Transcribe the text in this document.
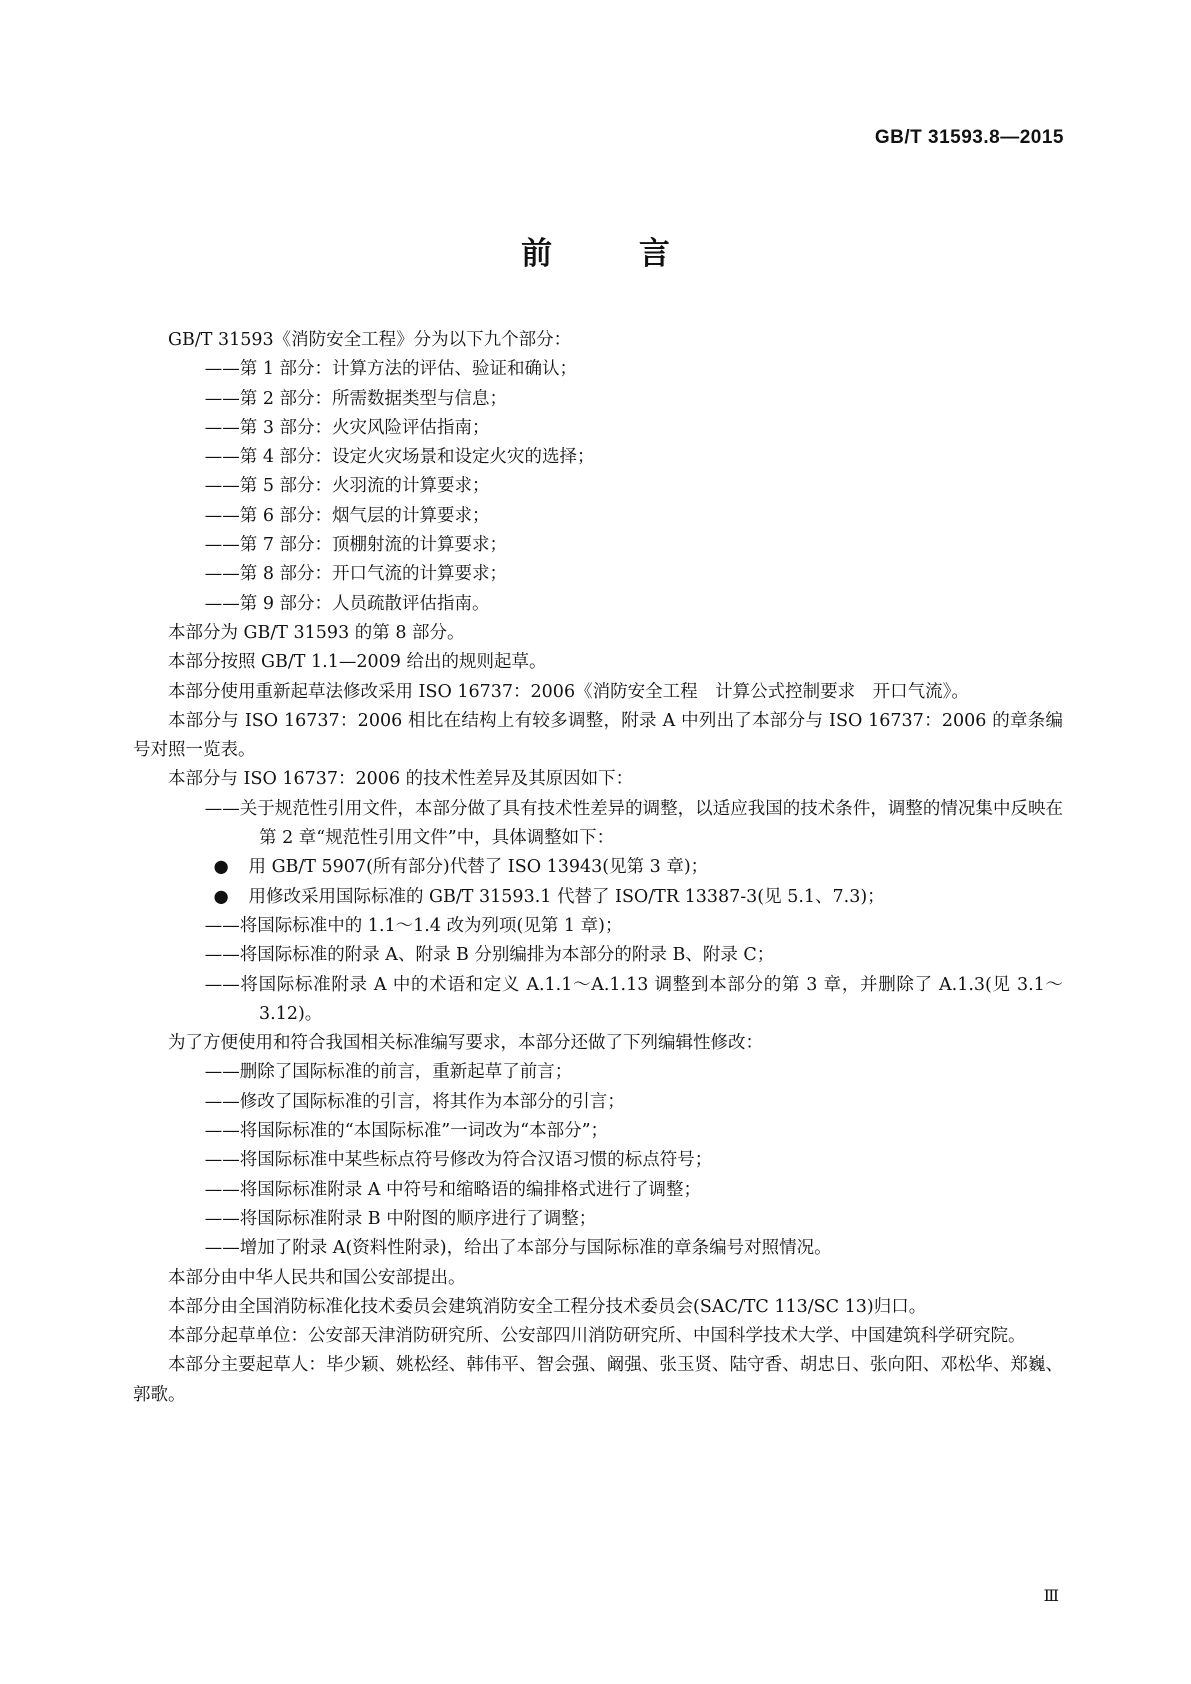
GB/T 31593.8—2015
前 言

GB/T 31593《消防安全工程》分为以下九个部分：

——第 1 部分：计算方法的评估、验证和确认；

——第 2 部分：所需数据类型与信息；

——第 3 部分：火灾风险评估指南；

——第 4 部分：设定火灾场景和设定火灾的选择；

——第 5 部分：火羽流的计算要求；

——第 6 部分：烟气层的计算要求；

——第 7 部分：顶棚射流的计算要求；

——第 8 部分：开口气流的计算要求；

——第 9 部分：人员疏散评估指南。

本部分为 GB/T 31593 的第 8 部分。

本部分按照 GB/T 1.1—2009 给出的规则起草。

本部分使用重新起草法修改采用 ISO 16737：2006《消防安全工程　计算公式控制要求　开口气流》。

本部分与 ISO 16737：2006 相比在结构上有较多调整，附录 A 中列出了本部分与 ISO 16737：2006 的章条编号对照一览表。

本部分与 ISO 16737：2006 的技术性差异及其原因如下：

——关于规范性引用文件，本部分做了具有技术性差异的调整，以适应我国的技术条件，调整的情况集中反映在第 2 章“规范性引用文件”中，具体调整如下：

● 用 GB/T 5907(所有部分)代替了 ISO 13943(见第 3 章)；

● 用修改采用国际标准的 GB/T 31593.1 代替了 ISO/TR 13387-3(见 5.1、7.3)；

——将国际标准中的 1.1～1.4 改为列项(见第 1 章)；

——将国际标准的附录 A、附录 B 分别编排为本部分的附录 B、附录 C；

——将国际标准附录 A 中的术语和定义 A.1.1～A.1.13 调整到本部分的第 3 章，并删除了 A.1.3(见 3.1～3.12)。

为了方便使用和符合我国相关标准编写要求，本部分还做了下列编辑性修改：

——删除了国际标准的前言，重新起草了前言；

——修改了国际标准的引言，将其作为本部分的引言；

——将国际标准的“本国际标准”一词改为“本部分”；

——将国际标准中某些标点符号修改为符合汉语习惯的标点符号；

——将国际标准附录 A 中符号和缩略语的编排格式进行了调整；

——将国际标准附录 B 中附图的顺序进行了调整；

——增加了附录 A(资料性附录)，给出了本部分与国际标准的章条编号对照情况。

本部分由中华人民共和国公安部提出。

本部分由全国消防标准化技术委员会建筑消防安全工程分技术委员会(SAC/TC 113/SC 13)归口。

本部分起草单位：公安部天津消防研究所、公安部四川消防研究所、中国科学技术大学、中国建筑科学研究院。

本部分主要起草人：毕少颖、姚松经、韩伟平、智会强、阚强、张玉贤、陆守香、胡忠日、张向阳、邓松华、郑巍、郭歌。

Ⅲ
